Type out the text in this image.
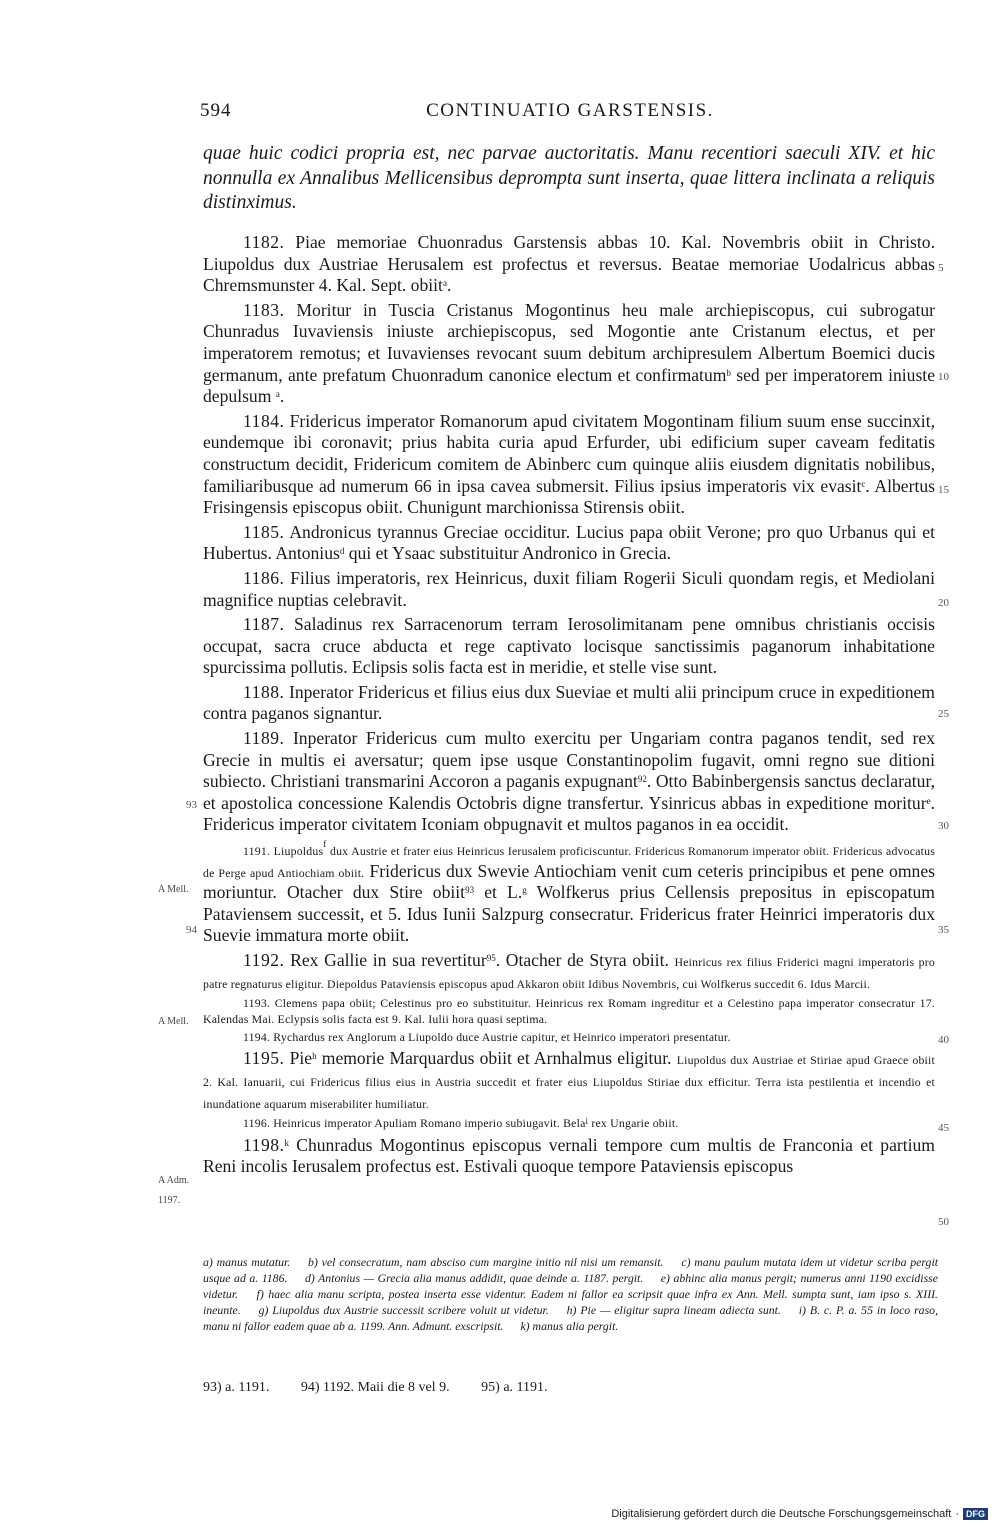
594	CONTINUATIO GARSTENSIS.
quae huic codici propria est, nec parvae auctoritatis. Manu recentiori saeculi XIV. et hic nonnulla ex Annalibus Mellicensibus deprompta sunt inserta, quae littera inclinata a reliquis distinximus.

1182. Piae memoriae Chuonradus Garstensis abbas 10. Kal. Novembris obiit in Christo. Liupoldus dux Austriae Herusalem est profectus et reversus. Beatae memoriae Uodalricus abbas Chremsmunster 4. Kal. Sept. obiit$^a$.

1183. Moritur in Tuscia Cristanus Mogontinus heu male archiepiscopus, cui subrogatur Chunradus Iuvaviensis iniuste archiepiscopus, sed Mogontie ante Cristanum electus, et per imperatorem remotus; et Iuvavienses revocant suum debitum archipresulem Albertum Boemici ducis germanum, ante prefatum Chuonradum canonice electum et confirmatum$^b$ sed per imperatorem iniuste depulsum $^a$.

1184. Fridericus imperator Romanorum apud civitatem Mogontinam filium suum ense succinxit, eundemque ibi coronavit; prius habita curia apud Erfurder, ubi edificium super caveam feditatis constructum decidit, Fridericum comitem de Abinberc cum quinque aliis eiusdem dignitatis nobilibus, familiaribusque ad numerum 66 in ipsa cavea submersit. Filius ipsius imperatoris vix evasit$^c$. Albertus Frisingensis episcopus obiit. Chunigunt marchionissa Stirensis obiit.

1185. Andronicus tyrannus Greciae occiditur. Lucius papa obiit Verone; pro quo Urbanus qui et Hubertus. Antonius$^d$ qui et Ysaac substituitur Andronico in Grecia.

1186. Filius imperatoris, rex Heinricus, duxit filiam Rogerii Siculi quondam regis, et Mediolani magnifice nuptias celebravit.

1187. Saladinus rex Sarracenorum terram Ierosolimitanam pene omnibus christianis occisis occupat, sacra cruce abducta et rege captivato locisque sanctissimis paganorum inhabitatione spurcissima pollutis. Eclipsis solis facta est in meridie, et stelle vise sunt.

1188. Inperator Fridericus et filius eius dux Sueviae et multi alii principum cruce in expeditionem contra paganos signantur.

1189. Inperator Fridericus cum multo exercitu per Ungariam contra paganos tendit, sed rex Grecie in multis ei aversatur; quem ipse usque Constantinopolim fugavit, omni regno sue ditioni subiecto. Christiani transmarini Accoron a paganis expugnant$^{92}$. Otto Babinbergensis sanctus declaratur, et apostolica concessione Kalendis Octobris digne transfertur. Ysinricus abbas in expeditione moritur$^e$. Fridericus imperator civitatem Iconiam obpugnavit et multos paganos in ea occidit.

1191. Liupoldus$^f$ dux Austrie et frater eius Heinricus Ierusalem proficiscuntur. Fridericus Romanorum imperator obiit. Fridericus advocatus de Perge apud Antiochiam obiit. Fridericus dux Swevie Antiochiam venit cum ceteris principibus et pene omnes moriuntur. Otacher dux Stire obiit$^{93}$ et L.$^g$ Wolfkerus prius Cellensis prepositus in episcopatum Pataviensem successit, et 5. Idus Iunii Salzpurg consecratur. Fridericus frater Heinrici imperatoris dux Suevie immatura morte obiit.

1192. Rex Gallie in sua revertitur$^{95}$. Otacher de Styra obiit. Heinricus rex filius Friderici magni imperatoris pro patre regnaturus eligitur. Diepoldus Pataviensis episcopus apud Akkaron obiit Idibus Novembris, cui Wolfkerus succedit 6. Idus Marcii.

1193. Clemens papa obiit; Celestinus pro eo substituitur. Heinricus rex Romam ingreditur et a Celestino papa imperator consecratur 17. Kalendas Mai. Eclypsis solis facta est 9. Kal. Iulii hora quasi septima.

1194. Rychardus rex Anglorum a Liupoldo duce Austrie capitur, et Heinrico imperatori presentatur.

1195. Pie$^h$ memorie Marquardus obiit et Arnhalmus eligitur. Liupoldus dux Austriae et Stiriae apud Graece obiit 2. Kal. Ianuarii, cui Fridericus filius eius in Austria succedit et frater eius Liupoldus Stiriae dux efficitur. Terra ista pestilentia et incendio et inundatione aquarum miserabiliter humiliatur.

1196. Heinricus imperator Apuliam Romano imperio subiugavit. Bela$^i$ rex Ungarie obiit.

1198.$^k$ Chunradus Mogontinus episcopus vernali tempore cum multis de Franconia et partium Reni incolis Ierusalem profectus est. Estivali quoque tempore Pataviensis episcopus

A Mell.
A Mell.
A Adm.
1197.
5
10
15
20
25
30
35
40
45
50
93
94
a) manus mutatur. b) vel consecratum, nam absciso cum margine initio nil nisi um remansit. c) manu paulum mutata idem ut videtur scriba pergit usque ad a. 1186. d) Antonius — Grecia alia manus addidit, quae deinde a. 1187. pergit. e) abhinc alia manus pergit; numerus anni 1190 excidisse videtur. f) haec alia manu scripta, postea inserta esse videntur. Eadem ni fallor ea scripsit quae infra ex Ann. Mell. sumpta sunt, iam ipso s. XIII. ineunte. g) Liupoldus dux Austrie successit scribere voluit ut videtur. h) Pie — eligitur supra lineam adiecta sunt. i) B. c. P. a. 55 in loco raso, manu ni fallor eadem quae ab a. 1199. Ann. Admunt. exscripsit. k) manus alia pergit.
93) a. 1191. 94) 1192. Maii die 8 vel 9. 95) a. 1191.
Digitalisierung gefördert durch die Deutsche Forschungsgemeinschaft · DFG
